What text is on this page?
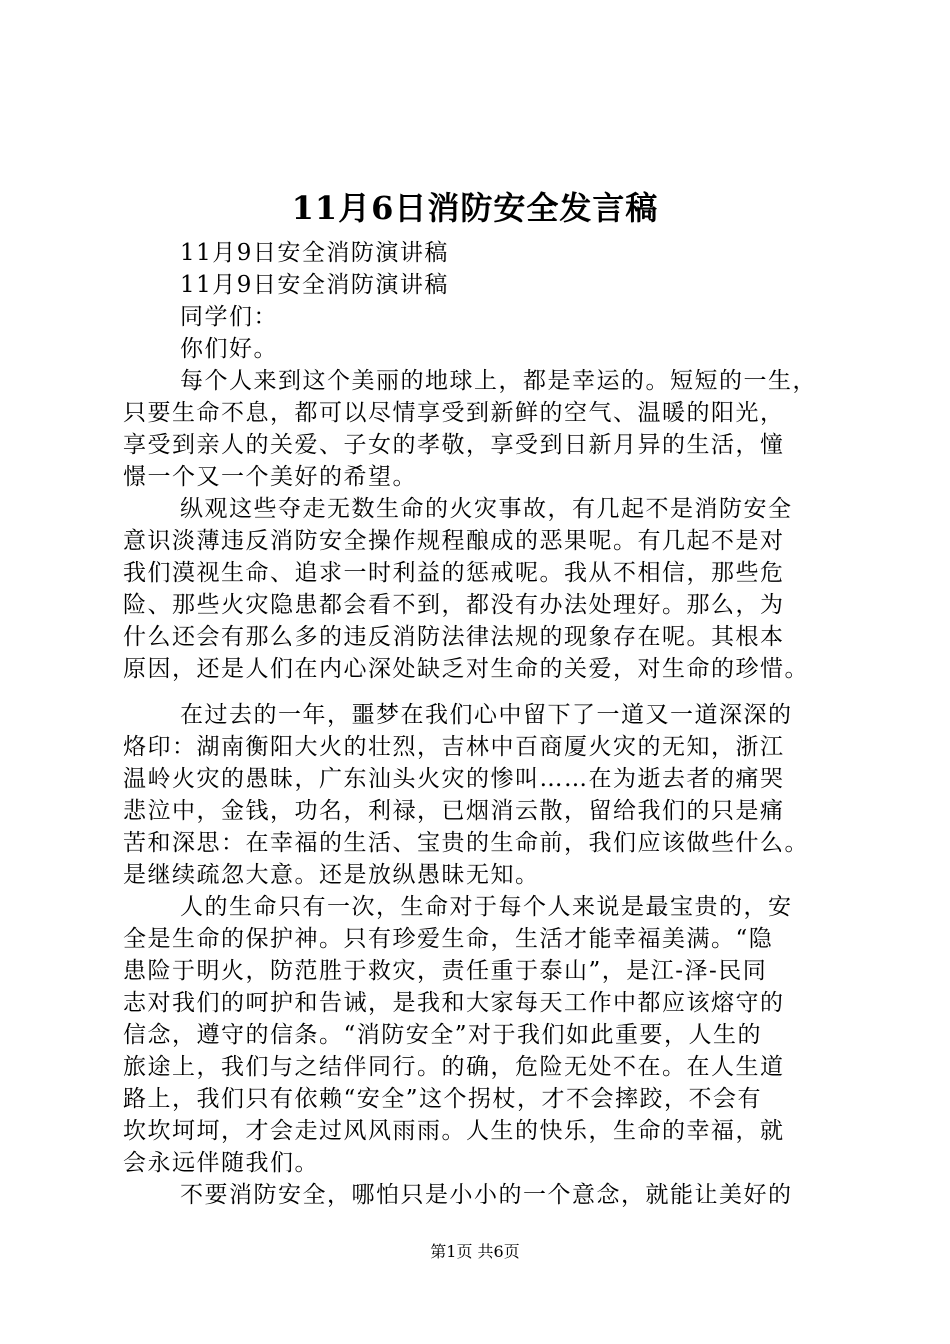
11月6日消防安全发言稿

11月9日安全消防演讲稿

11月9日安全消防演讲稿

同学们：

你们好。

每个人来到这个美丽的地球上，都是幸运的。短短的一生，

只要生命不息，都可以尽情享受到新鲜的空气、温暖的阳光，

享受到亲人的关爱、子女的孝敬，享受到日新月异的生活，憧

憬一个又一个美好的希望。

纵观这些夺走无数生命的火灾事故，有几起不是消防安全

意识淡薄违反消防安全操作规程酿成的恶果呢。有几起不是对

我们漠视生命、追求一时利益的惩戒呢。我从不相信，那些危

险、那些火灾隐患都会看不到，都没有办法处理好。那么，为

什么还会有那么多的违反消防法律法规的现象存在呢。其根本

原因，还是人们在内心深处缺乏对生命的关爱，对生命的珍惜。

在过去的一年，噩梦在我们心中留下了一道又一道深深的

烙印：湖南衡阳大火的壮烈，吉林中百商厦火灾的无知，浙江

温岭火灾的愚昧，广东汕头火灾的惨叫……在为逝去者的痛哭

悲泣中，金钱，功名，利禄，已烟消云散，留给我们的只是痛

苦和深思：在幸福的生活、宝贵的生命前，我们应该做些什么。

是继续疏忽大意。还是放纵愚昧无知。

人的生命只有一次，生命对于每个人来说是最宝贵的，安

全是生命的保护神。只有珍爱生命，生活才能幸福美满。“隐

患险于明火，防范胜于救灾，责任重于泰山”，是江-泽-民同

志对我们的呵护和告诫，是我和大家每天工作中都应该熔守的

信念，遵守的信条。“消防安全”对于我们如此重要，人生的

旅途上，我们与之结伴同行。的确，危险无处不在。在人生道

路上，我们只有依赖“安全”这个拐杖，才不会摔跤，不会有

坎坎坷坷，才会走过风风雨雨。人生的快乐，生命的幸福，就

会永远伴随我们。

不要消防安全，哪怕只是小小的一个意念，就能让美好的

第1页 共6页
